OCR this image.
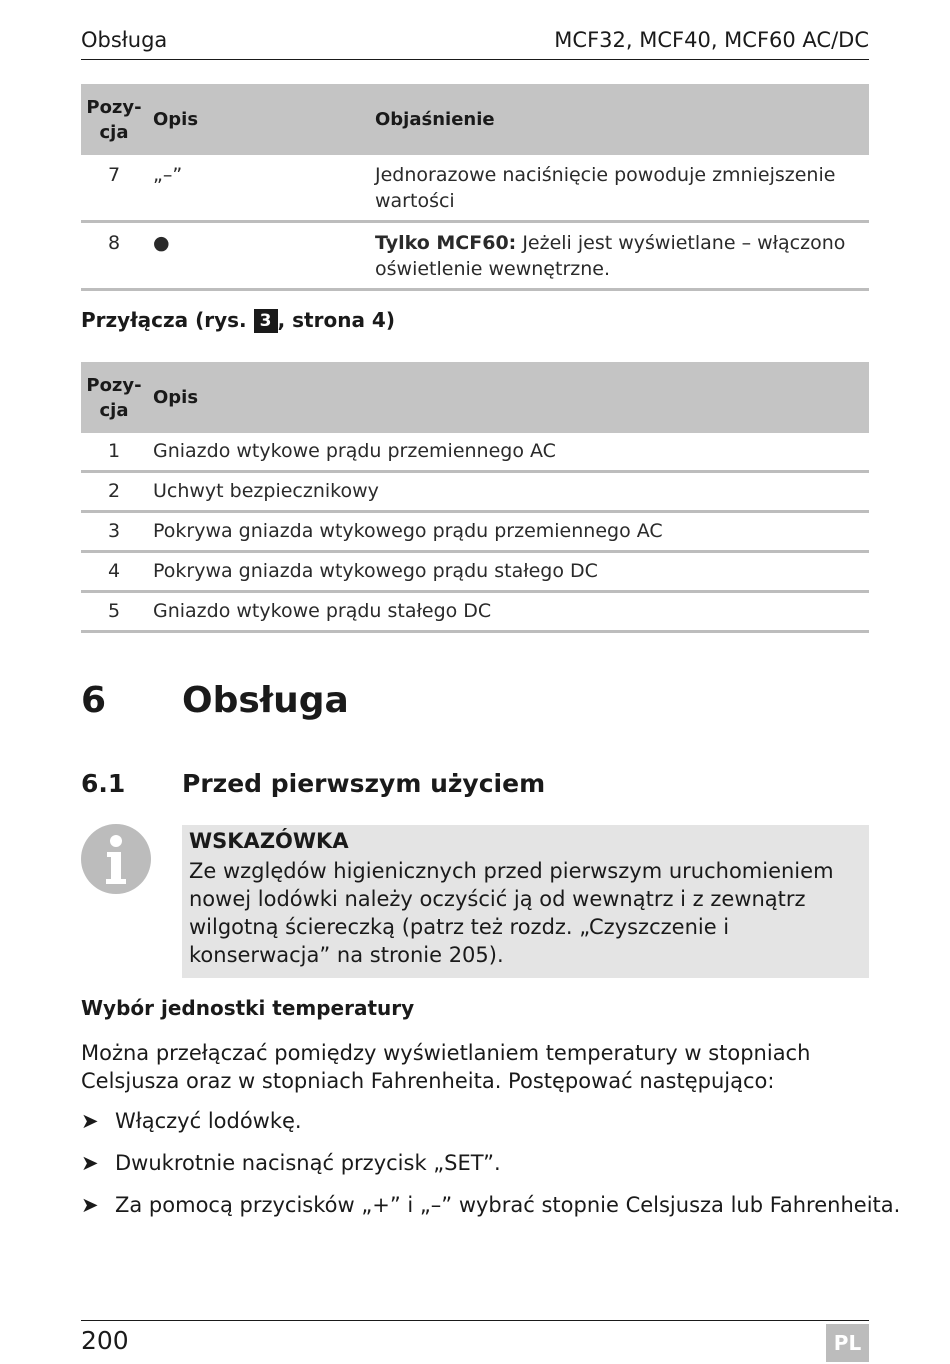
Obsługa	MCF32, MCF40, MCF60 AC/DC
Pozy-
cja	Opis	Objaśnienie
7	„–”	Jednorazowe naciśnięcie powoduje zmniejszenie wartości
8	●	Tylko MCF60: Jeżeli jest wyświetlane – włączono oświetlenie wewnętrzne.
Przyłącza (rys. 3 , strona 4)
Pozy-
cja	Opis
1	Gniazdo wtykowe prądu przemiennego AC
2	Uchwyt bezpiecznikowy
3	Pokrywa gniazda wtykowego prądu przemiennego AC
4	Pokrywa gniazda wtykowego prądu stałego DC
5	Gniazdo wtykowe prądu stałego DC
6 Obsługa
6.1 Przed pierwszym użyciem
WSKAZÓWKA
Ze względów higienicznych przed pierwszym uruchomieniem nowej lodówki należy oczyścić ją od wewnątrz i z zewnątrz wilgotną ściereczką (patrz też rozdz. „Czyszczenie i konserwacja” na stronie 205).
Wybór jednostki temperatury
Można przełączać pomiędzy wyświetlaniem temperatury w stopniach Celsjusza oraz w stopniach Fahrenheita. Postępować następująco:
➤ Włączyć lodówkę.
➤ Dwukrotnie nacisnąć przycisk „SET”.
➤ Za pomocą przycisków „+” i „–” wybrać stopnie Celsjusza lub Fahrenheita.
200	PL
